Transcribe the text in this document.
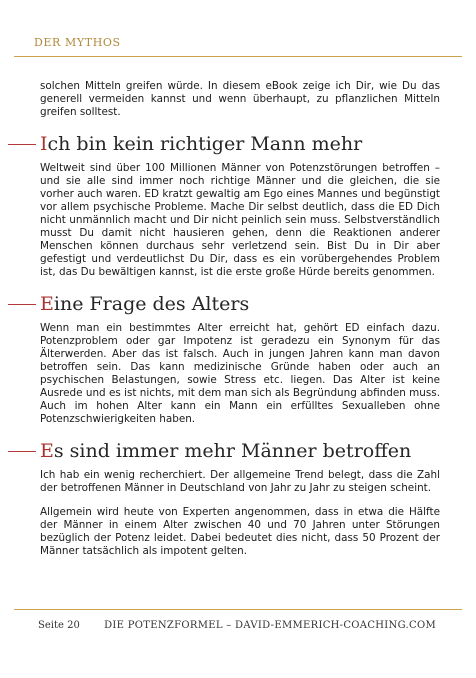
DER MYTHOS

solchen Mitteln greifen würde. In diesem eBook zeige ich Dir, wie Du das generell vermeiden kannst und wenn überhaupt, zu pflanzlichen Mitteln greifen solltest.

Ich bin kein richtiger Mann mehr

Weltweit sind über 100 Millionen Männer von Potenzstörungen betroffen – und sie alle sind immer noch richtige Männer und die gleichen, die sie vorher auch waren. ED kratzt gewaltig am Ego eines Mannes und begünstigt vor allem psychische Probleme. Mache Dir selbst deutlich, dass die ED Dich nicht unmännlich macht und Dir nicht peinlich sein muss. Selbstverständlich musst Du damit nicht hausieren gehen, denn die Reaktionen anderer Menschen können durchaus sehr verletzend sein. Bist Du in Dir aber gefestigt und verdeutlichst Du Dir, dass es ein vorübergehendes Problem ist, das Du bewältigen kannst, ist die erste große Hürde bereits genommen.

Eine Frage des Alters

Wenn man ein bestimmtes Alter erreicht hat, gehört ED einfach dazu. Potenzproblem oder gar Impotenz ist geradezu ein Synonym für das Älterwerden. Aber das ist falsch. Auch in jungen Jahren kann man davon betroffen sein. Das kann medizinische Gründe haben oder auch an psychischen Belastungen, sowie Stress etc. liegen. Das Alter ist keine Ausrede und es ist nichts, mit dem man sich als Begründung abfinden muss. Auch im hohen Alter kann ein Mann ein erfülltes Sexualleben ohne Potenzschwierigkeiten haben.

Es sind immer mehr Männer betroffen

Ich hab ein wenig recherchiert. Der allgemeine Trend belegt, dass die Zahl der betroffenen Männer in Deutschland von Jahr zu Jahr zu steigen scheint.

Allgemein wird heute von Experten angenommen, dass in etwa die Hälfte der Männer in einem Alter zwischen 40 und 70 Jahren unter Störungen bezüglich der Potenz leidet. Dabei bedeutet dies nicht, dass 50 Prozent der Männer tatsächlich als impotent gelten.

Seite 20 DIE POTENZFORMEL – DAVID-EMMERICH-COACHING.COM
